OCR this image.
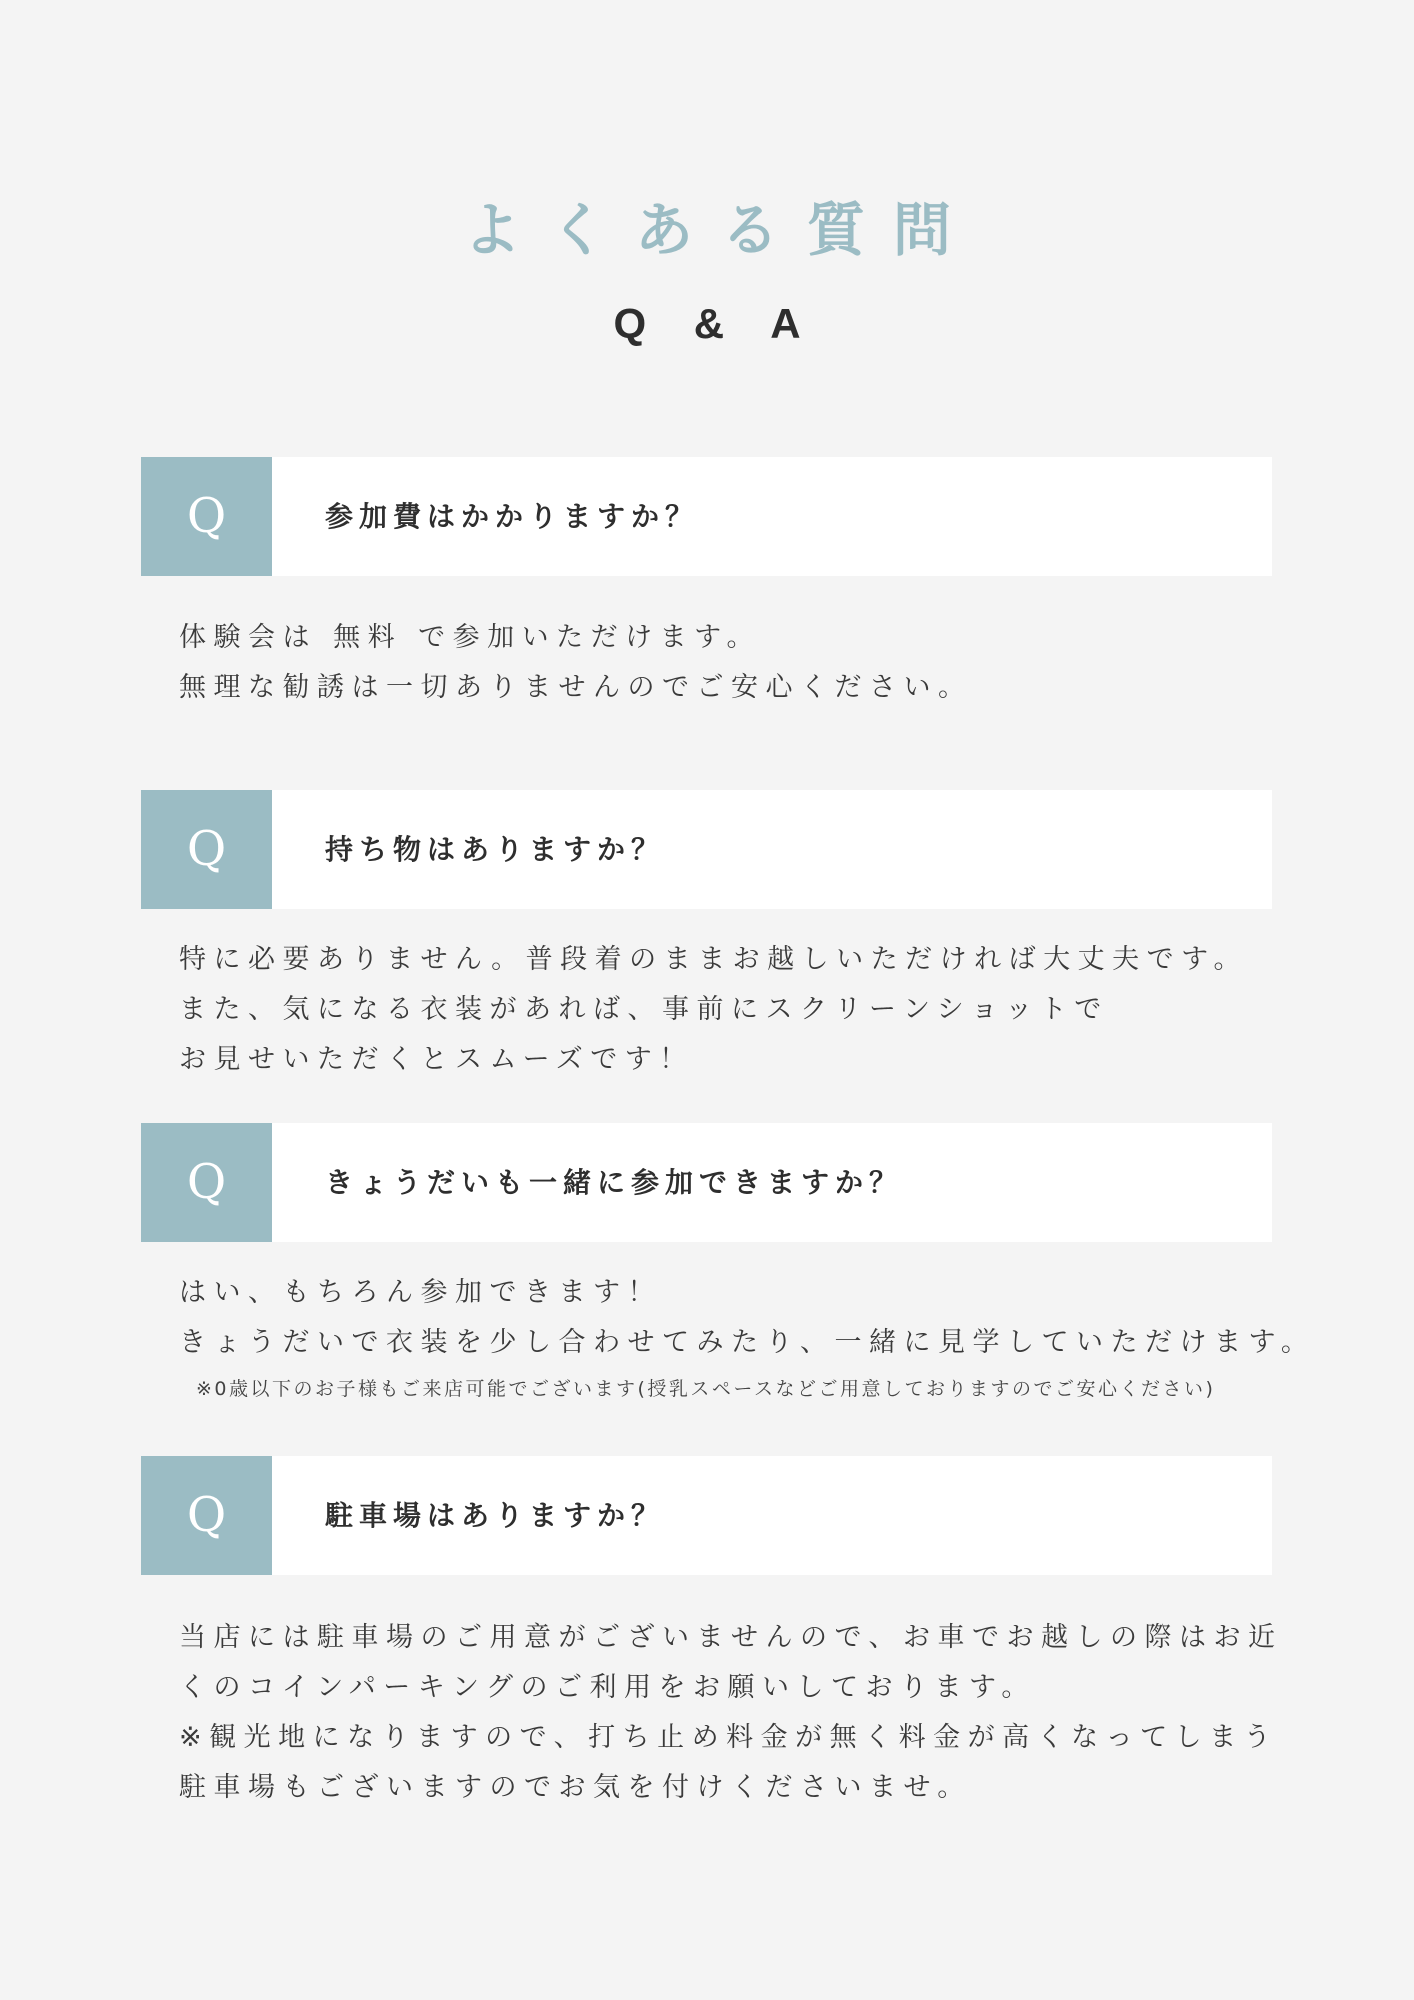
よくある質問
Q & A
Q	参加費はかかりますか？
体験会は 無料 で参加いただけます。
無理な勧誘は一切ありませんのでご安心ください。
Q	持ち物はありますか？
特に必要ありません。普段着のままお越しいただければ大丈夫です。
また、気になる衣装があれば、事前にスクリーンショットで
お見せいただくとスムーズです！
Q	きょうだいも一緒に参加できますか？
はい、もちろん参加できます！
きょうだいで衣装を少し合わせてみたり、一緒に見学していただけます。
※0歳以下のお子様もご来店可能でございます(授乳スペースなどご用意しておりますのでご安心ください)
Q	駐車場はありますか？
当店には駐車場のご用意がございませんので、お車でお越しの際はお近
くのコインパーキングのご利用をお願いしております。
※観光地になりますので、打ち止め料金が無く料金が高くなってしまう
駐車場もございますのでお気を付けくださいませ。
